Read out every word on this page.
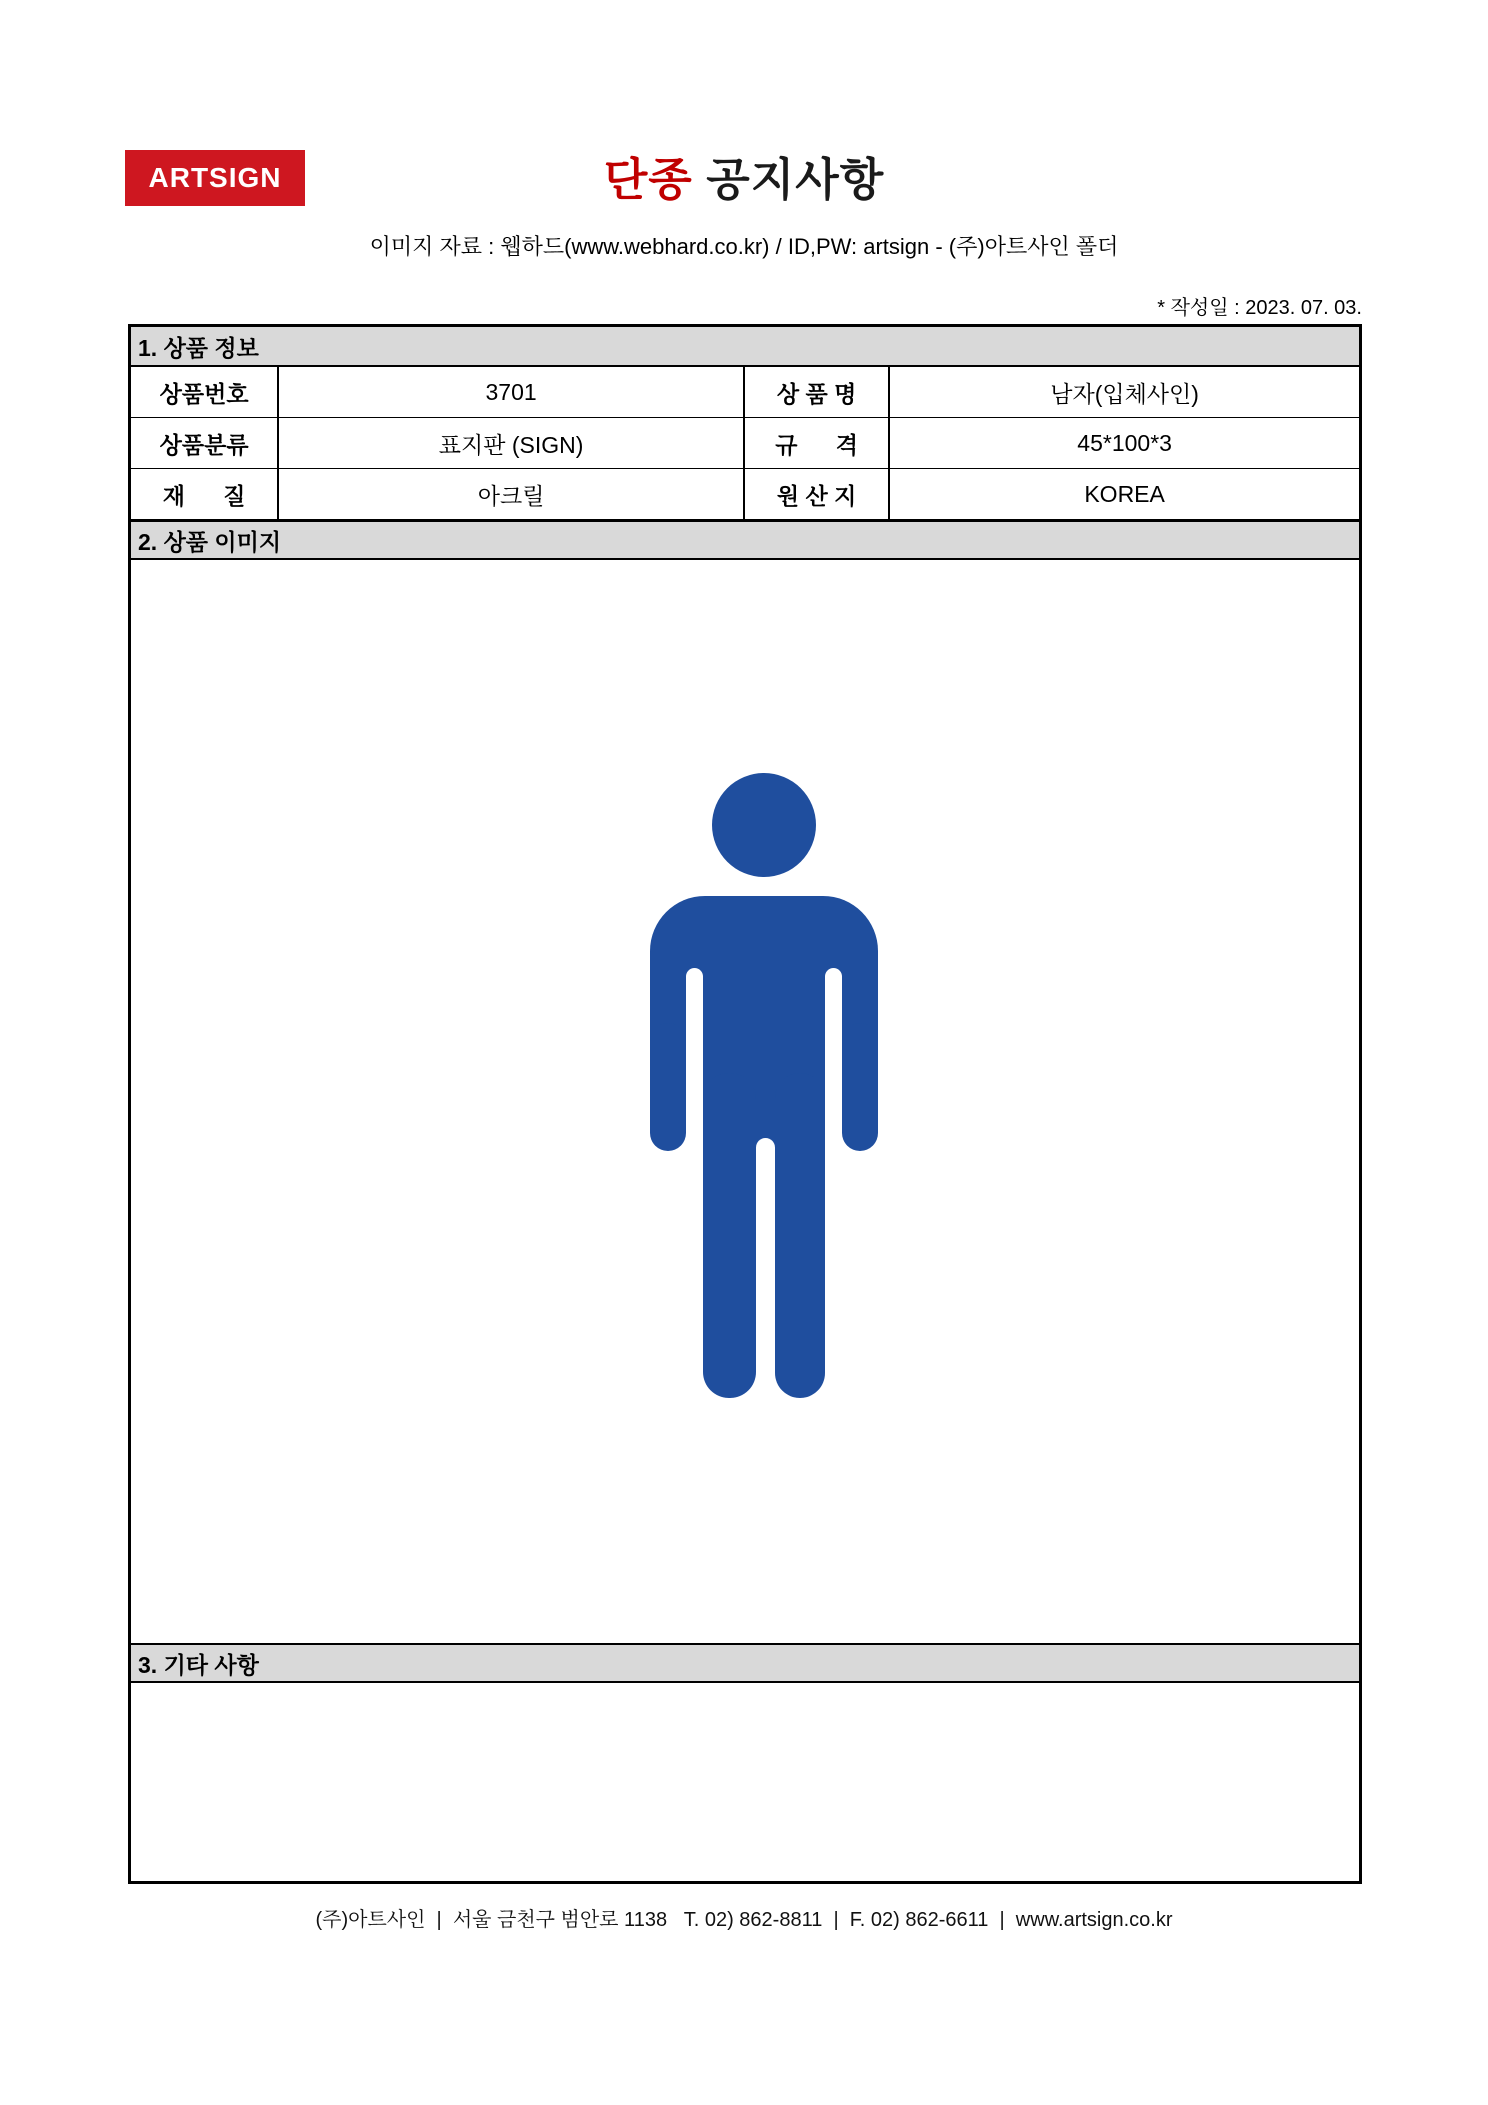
ARTSIGN	단종 공지사항
이미지 자료 : 웹하드(www.webhard.co.kr) / ID,PW: artsign - (주)아트사인 폴더
* 작성일 : 2023. 07. 03.
1. 상품 정보
상품번호	3701	상 품 명	남자(입체사인)
상품분류	표지판 (SIGN)	규      격	45*100*3
재      질	아크릴	원 산 지	KOREA
2. 상품 이미지
3. 기타 사항
(주)아트사인  |  서울 금천구 범안로 1138   T. 02) 862-8811  |  F. 02) 862-6611  |  www.artsign.co.kr
